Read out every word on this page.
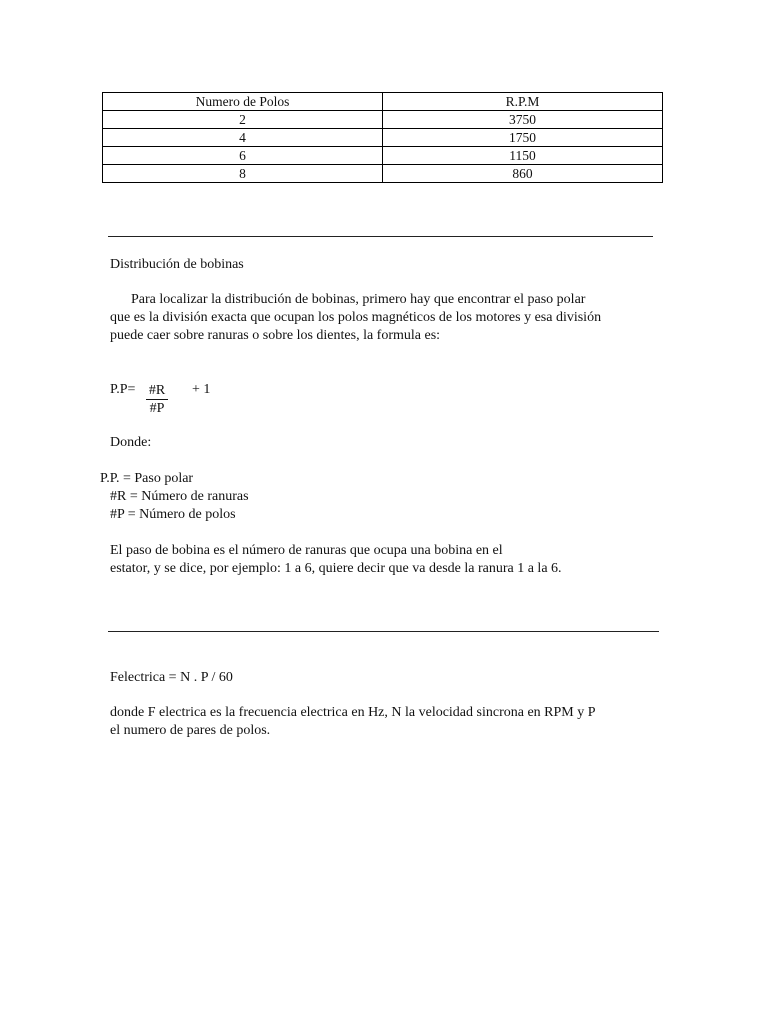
Numero de Polos	R.P.M
2	3750
4	1750
6	1150
8	860
Distribución de bobinas
Para localizar la distribución de bobinas, primero hay que encontrar el paso polar
que es la división exacta que ocupan los polos magnéticos de los motores y esa división
puede caer sobre ranuras o sobre los dientes, la formula es:
$P.P= \frac{\#R}{\#P} + 1$
Donde:
P.P. = Paso polar
#R = Número de ranuras
#P = Número de polos
El paso de bobina es el número de ranuras que ocupa una bobina en el
estator, y se dice, por ejemplo: 1 a 6, quiere decir que va desde la ranura 1 a la 6.
Felectrica = N . P / 60
donde F electrica es la frecuencia electrica en Hz, N la velocidad sincrona en RPM y P
el numero de pares de polos.
